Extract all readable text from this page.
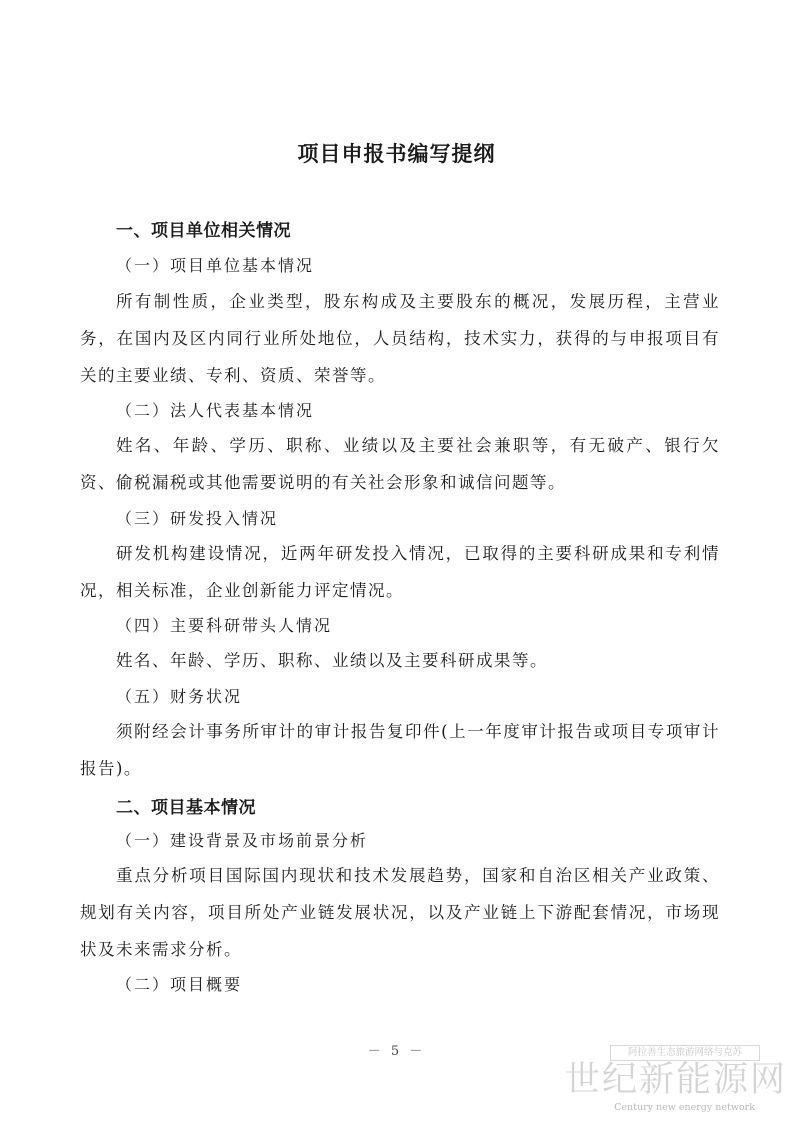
项目申报书编写提纲
一、项目单位相关情况
（一）项目单位基本情况
所有制性质，企业类型，股东构成及主要股东的概况，发展历程，主营业务，在国内及区内同行业所处地位，人员结构，技术实力，获得的与申报项目有关的主要业绩、专利、资质、荣誉等。
（二）法人代表基本情况
姓名、年龄、学历、职称、业绩以及主要社会兼职等，有无破产、银行欠资、偷税漏税或其他需要说明的有关社会形象和诚信问题等。
（三）研发投入情况
研发机构建设情况，近两年研发投入情况，已取得的主要科研成果和专利情况，相关标准，企业创新能力评定情况。
（四）主要科研带头人情况
姓名、年龄、学历、职称、业绩以及主要科研成果等。
（五）财务状况
须附经会计事务所审计的审计报告复印件(上一年度审计报告或项目专项审计报告)。
二、项目基本情况
（一）建设背景及市场前景分析
重点分析项目国际国内现状和技术发展趋势，国家和自治区相关产业政策、规划有关内容，项目所处产业链发展状况，以及产业链上下游配套情况，市场现状及未来需求分析。
（二）项目概要
－ 5 －	阿拉善生态旅游网络与克苏
世纪新能源网
Century new energy network
